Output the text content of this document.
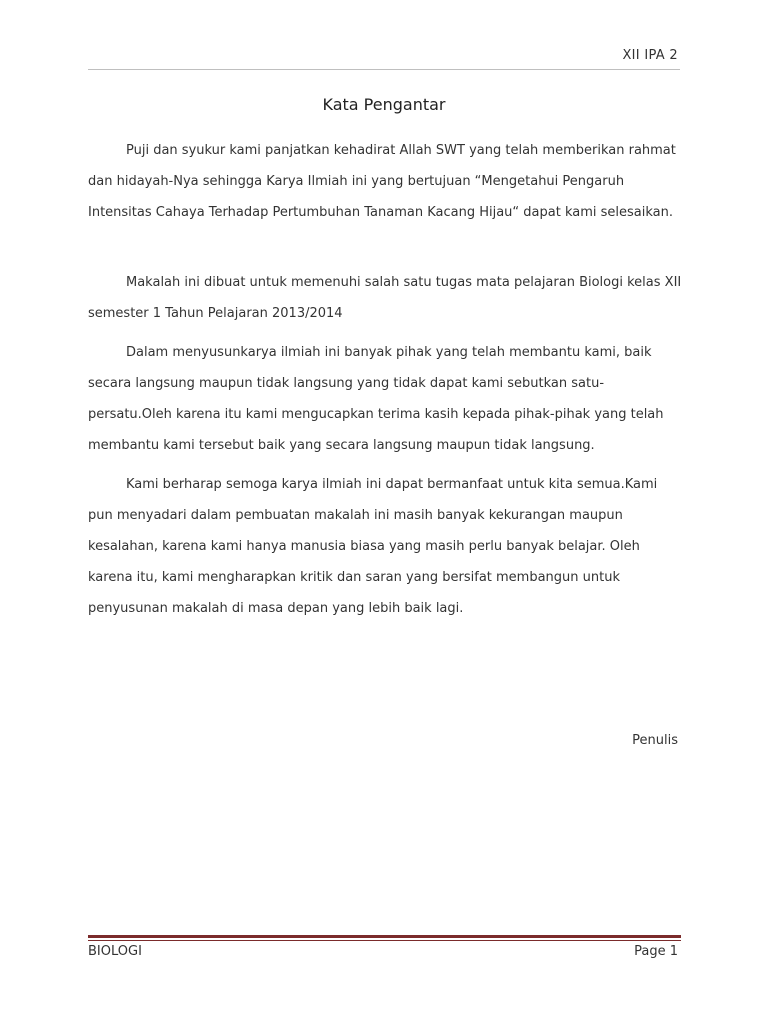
XII IPA 2
Kata Pengantar

Puji dan syukur kami panjatkan kehadirat Allah SWT yang telah memberikan rahmat dan hidayah-Nya sehingga Karya Ilmiah ini yang bertujuan “Mengetahui Pengaruh Intensitas Cahaya Terhadap Pertumbuhan Tanaman Kacang Hijau“ dapat kami selesaikan.

Makalah ini dibuat untuk memenuhi salah satu tugas mata pelajaran Biologi kelas XII semester 1 Tahun Pelajaran 2013/2014

Dalam menyusunkarya ilmiah ini banyak pihak yang telah membantu kami, baik secara langsung maupun tidak langsung yang tidak dapat kami sebutkan satu-persatu.Oleh karena itu kami mengucapkan terima kasih kepada pihak-pihak yang telah membantu kami tersebut baik yang secara langsung maupun tidak langsung.

Kami berharap semoga karya ilmiah ini dapat bermanfaat untuk kita semua.Kami pun menyadari dalam pembuatan makalah ini masih banyak kekurangan maupun kesalahan, karena kami hanya manusia biasa yang masih perlu banyak belajar. Oleh karena itu, kami mengharapkan kritik dan saran yang bersifat membangun untuk penyusunan makalah di masa depan yang lebih baik lagi.

Penulis
BIOLOGI	Page 1
